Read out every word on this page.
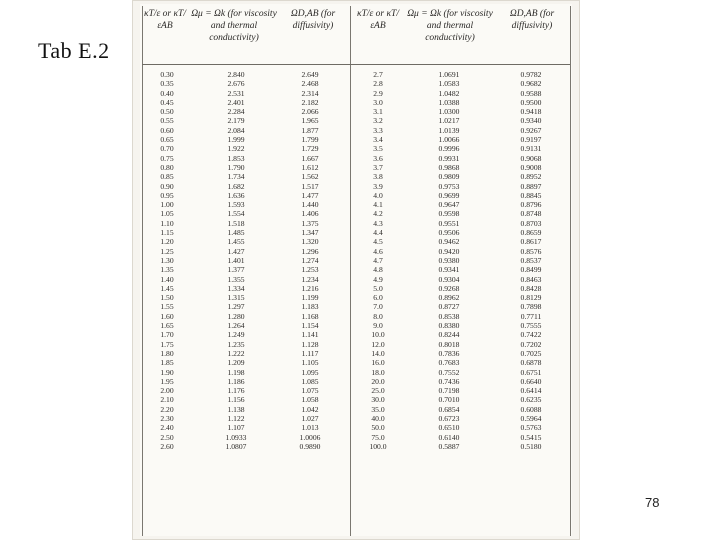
Tab E.2
κT/ε or κT/εAB
Ωμ = Ωk (for viscosity and thermal conductivity)
ΩD,AB (for diffusivity)
κT/ε or κT/εAB
Ωμ = Ωk (for viscosity and thermal conductivity)
ΩD,AB (for diffusivity)
0.30
0.35
0.40
0.45
0.50
0.55
0.60
0.65
0.70
0.75
0.80
0.85
0.90
0.95
1.00
1.05
1.10
1.15
1.20
1.25
1.30
1.35
1.40
1.45
1.50
1.55
1.60
1.65
1.70
1.75
1.80
1.85
1.90
1.95
2.00
2.10
2.20
2.30
2.40
2.50
2.60
2.840
2.676
2.531
2.401
2.284
2.179
2.084
1.999
1.922
1.853
1.790
1.734
1.682
1.636
1.593
1.554
1.518
1.485
1.455
1.427
1.401
1.377
1.355
1.334
1.315
1.297
1.280
1.264
1.249
1.235
1.222
1.209
1.198
1.186
1.176
1.156
1.138
1.122
1.107
1.0933
1.0807
2.649
2.468
2.314
2.182
2.066
1.965
1.877
1.799
1.729
1.667
1.612
1.562
1.517
1.477
1.440
1.406
1.375
1.347
1.320
1.296
1.274
1.253
1.234
1.216
1.199
1.183
1.168
1.154
1.141
1.128
1.117
1.105
1.095
1.085
1.075
1.058
1.042
1.027
1.013
1.0006
0.9890
2.7
2.8
2.9
3.0
3.1
3.2
3.3
3.4
3.5
3.6
3.7
3.8
3.9
4.0
4.1
4.2
4.3
4.4
4.5
4.6
4.7
4.8
4.9
5.0
6.0
7.0
8.0
9.0
10.0
12.0
14.0
16.0
18.0
20.0
25.0
30.0
35.0
40.0
50.0
75.0
100.0
1.0691
1.0583
1.0482
1.0388
1.0300
1.0217
1.0139
1.0066
0.9996
0.9931
0.9868
0.9809
0.9753
0.9699
0.9647
0.9598
0.9551
0.9506
0.9462
0.9420
0.9380
0.9341
0.9304
0.9268
0.8962
0.8727
0.8538
0.8380
0.8244
0.8018
0.7836
0.7683
0.7552
0.7436
0.7198
0.7010
0.6854
0.6723
0.6510
0.6140
0.5887
0.9782
0.9682
0.9588
0.9500
0.9418
0.9340
0.9267
0.9197
0.9131
0.9068
0.9008
0.8952
0.8897
0.8845
0.8796
0.8748
0.8703
0.8659
0.8617
0.8576
0.8537
0.8499
0.8463
0.8428
0.8129
0.7898
0.7711
0.7555
0.7422
0.7202
0.7025
0.6878
0.6751
0.6640
0.6414
0.6235
0.6088
0.5964
0.5763
0.5415
0.5180
78
